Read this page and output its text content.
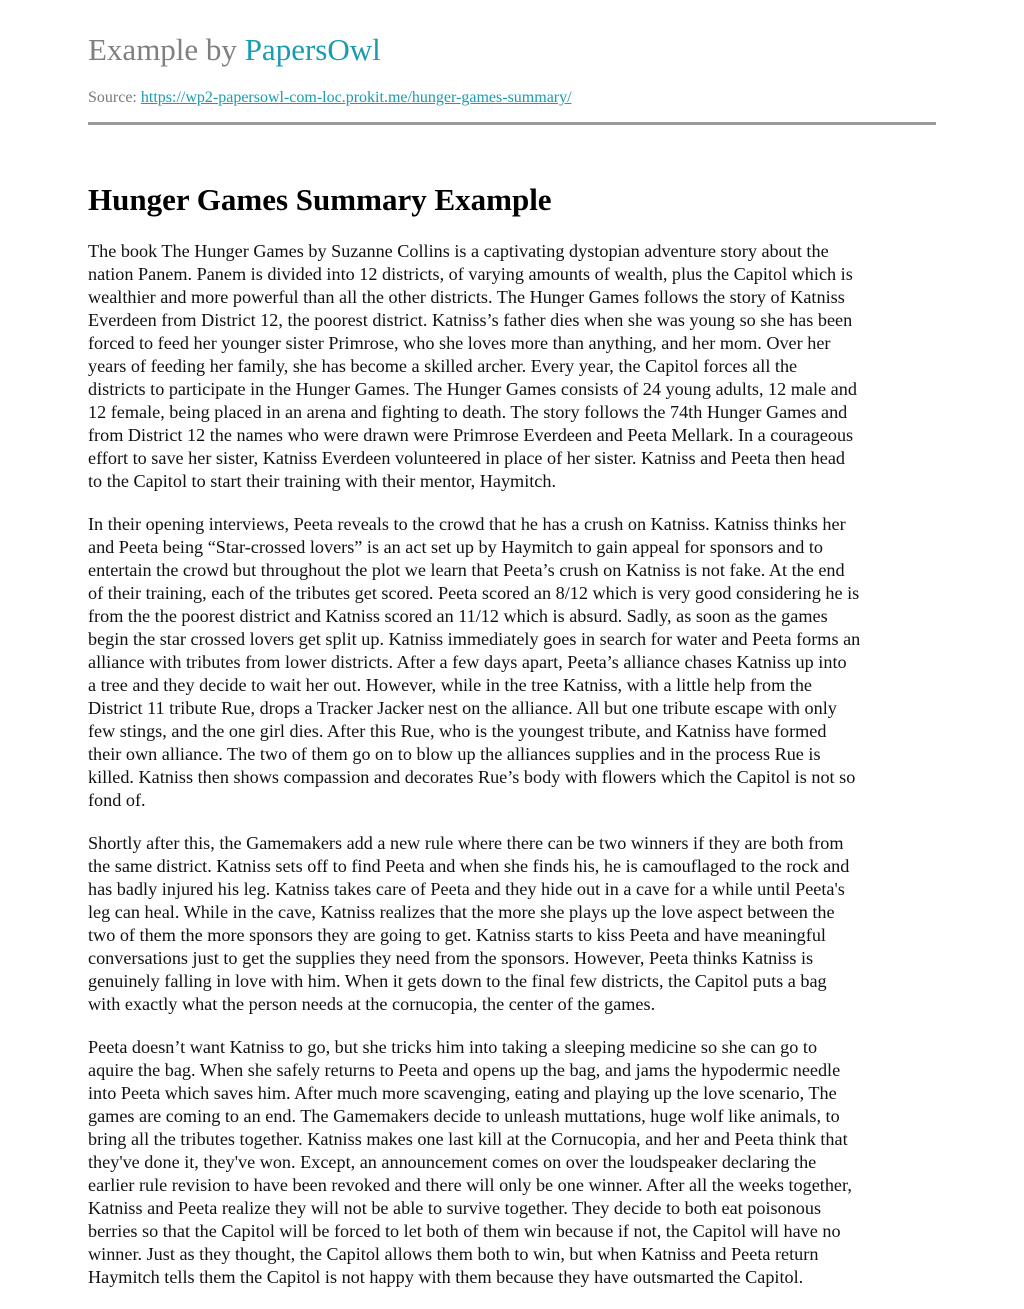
Example by PapersOwl
Source: https://wp2-papersowl-com-loc.prokit.me/hunger-games-summary/
Hunger Games Summary Example

The book The Hunger Games by Suzanne Collins is a captivating dystopian adventure story about the
nation Panem. Panem is divided into 12 districts, of varying amounts of wealth, plus the Capitol which is
wealthier and more powerful than all the other districts. The Hunger Games follows the story of Katniss
Everdeen from District 12, the poorest district. Katniss’s father dies when she was young so she has been
forced to feed her younger sister Primrose, who she loves more than anything, and her mom. Over her
years of feeding her family, she has become a skilled archer. Every year, the Capitol forces all the
districts to participate in the Hunger Games. The Hunger Games consists of 24 young adults, 12 male and
12 female, being placed in an arena and fighting to death. The story follows the 74th Hunger Games and
from District 12 the names who were drawn were Primrose Everdeen and Peeta Mellark. In a courageous
effort to save her sister, Katniss Everdeen volunteered in place of her sister. Katniss and Peeta then head
to the Capitol to start their training with their mentor, Haymitch.

In their opening interviews, Peeta reveals to the crowd that he has a crush on Katniss. Katniss thinks her
and Peeta being “Star-crossed lovers” is an act set up by Haymitch to gain appeal for sponsors and to
entertain the crowd but throughout the plot we learn that Peeta’s crush on Katniss is not fake. At the end
of their training, each of the tributes get scored. Peeta scored an 8/12 which is very good considering he is
from the the poorest district and Katniss scored an 11/12 which is absurd. Sadly, as soon as the games
begin the star crossed lovers get split up. Katniss immediately goes in search for water and Peeta forms an
alliance with tributes from lower districts. After a few days apart, Peeta’s alliance chases Katniss up into
a tree and they decide to wait her out. However, while in the tree Katniss, with a little help from the
District 11 tribute Rue, drops a Tracker Jacker nest on the alliance. All but one tribute escape with only
few stings, and the one girl dies. After this Rue, who is the youngest tribute, and Katniss have formed
their own alliance. The two of them go on to blow up the alliances supplies and in the process Rue is
killed. Katniss then shows compassion and decorates Rue’s body with flowers which the Capitol is not so
fond of.

Shortly after this, the Gamemakers add a new rule where there can be two winners if they are both from
the same district. Katniss sets off to find Peeta and when she finds his, he is camouflaged to the rock and
has badly injured his leg. Katniss takes care of Peeta and they hide out in a cave for a while until Peeta's
leg can heal. While in the cave, Katniss realizes that the more she plays up the love aspect between the
two of them the more sponsors they are going to get. Katniss starts to kiss Peeta and have meaningful
conversations just to get the supplies they need from the sponsors. However, Peeta thinks Katniss is
genuinely falling in love with him. When it gets down to the final few districts, the Capitol puts a bag
with exactly what the person needs at the cornucopia, the center of the games.

Peeta doesn’t want Katniss to go, but she tricks him into taking a sleeping medicine so she can go to
aquire the bag. When she safely returns to Peeta and opens up the bag, and jams the hypodermic needle
into Peeta which saves him. After much more scavenging, eating and playing up the love scenario, The
games are coming to an end. The Gamemakers decide to unleash muttations, huge wolf like animals, to
bring all the tributes together. Katniss makes one last kill at the Cornucopia, and her and Peeta think that
they've done it, they've won. Except, an announcement comes on over the loudspeaker declaring the
earlier rule revision to have been revoked and there will only be one winner. After all the weeks together,
Katniss and Peeta realize they will not be able to survive together. They decide to both eat poisonous
berries so that the Capitol will be forced to let both of them win because if not, the Capitol will have no
winner. Just as they thought, the Capitol allows them both to win, but when Katniss and Peeta return
Haymitch tells them the Capitol is not happy with them because they have outsmarted the Capitol.
